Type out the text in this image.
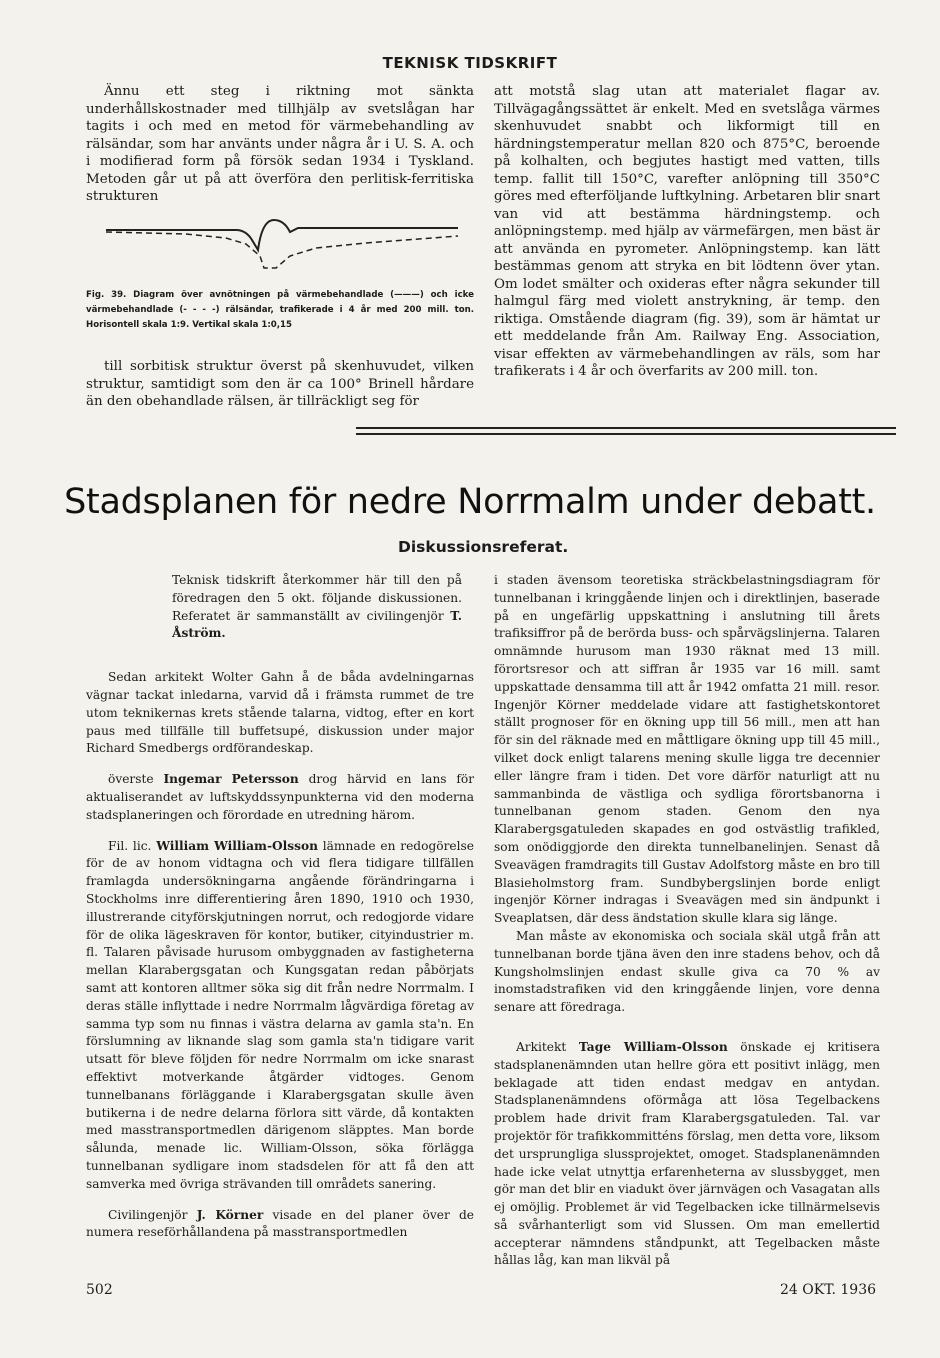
TEKNISK TIDSKRIFT

Ännu ett steg i riktning mot sänkta underhållskostnader med tillhjälp av svetslågan har tagits i och med en metod för värmebehandling av rälsändar, som har använts under några år i U. S. A. och i modifierad form på försök sedan 1934 i Tyskland. Metoden går ut på att överföra den perlitisk-ferritiska strukturen

Fig. 39. Diagram över avnötningen på värmebehandlade (———) och icke värmebehandlade (- - - -) rälsändar, trafikerade i 4 år med 200 mill. ton. Horisontell skala 1:9. Vertikal skala 1:0,15

till sorbitisk struktur överst på skenhuvudet, vilken struktur, samtidigt som den är ca 100° Brinell hårdare än den obehandlade rälsen, är tillräckligt seg för

att motstå slag utan att materialet flagar av. Tillvägagångssättet är enkelt. Med en svetslåga värmes skenhuvudet snabbt och likformigt till en härdningstemperatur mellan 820 och 875°C, beroende på kolhalten, och begjutes hastigt med vatten, tills temp. fallit till 150°C, varefter anlöpning till 350°C göres med efterföljande luftkylning. Arbetaren blir snart van vid att bestämma härdningstemp. och anlöpningstemp. med hjälp av värmefärgen, men bäst är att använda en pyrometer. Anlöpningstemp. kan lätt bestämmas genom att stryka en bit lödtenn över ytan. Om lodet smälter och oxideras efter några sekunder till halmgul färg med violett anstrykning, är temp. den riktiga. Omstående diagram (fig. 39), som är hämtat ur ett meddelande från Am. Railway Eng. Association, visar effekten av värmebehandlingen av räls, som har trafikerats i 4 år och överfarits av 200 mill. ton.

Stadsplanen för nedre Norrmalm under debatt.
Diskussionsreferat.

Teknisk tidskrift återkommer här till den på föredragen den 5 okt. följande diskussionen. Referatet är sammanställt av civilingenjör T. Åström.

Sedan arkitekt Wolter Gahn å de båda avdelningarnas vägnar tackat inledarna, varvid då i främsta rummet de tre utom teknikernas krets stående talarna, vidtog, efter en kort paus med tillfälle till buffetsupé, diskussion under major Richard Smedbergs ordförandeskap.

överste Ingemar Petersson drog härvid en lans för aktualiserandet av luftskyddssynpunkterna vid den moderna stadsplaneringen och förordade en utredning härom.

Fil. lic. William William-Olsson lämnade en redogörelse för de av honom vidtagna och vid flera tidigare tillfällen framlagda undersökningarna angående förändringarna i Stockholms inre differentiering åren 1890, 1910 och 1930, illustrerande cityförskjutningen norrut, och redogjorde vidare för de olika lägeskraven för kontor, butiker, cityindustrier m. fl. Talaren påvisade hurusom ombyggnaden av fastigheterna mellan Klarabergsgatan och Kungsgatan redan påbörjats samt att kontoren alltmer söka sig dit från nedre Norrmalm. I deras ställe inflyttade i nedre Norrmalm lågvärdiga företag av samma typ som nu finnas i västra delarna av gamla sta'n. En förslumning av liknande slag som gamla sta'n tidigare varit utsatt för bleve följden för nedre Norrmalm om icke snarast effektivt motverkande åtgärder vidtoges. Genom tunnelbanans förläggande i Klarabergsgatan skulle även butikerna i de nedre delarna förlora sitt värde, då kontakten med masstransportmedlen därigenom släpptes. Man borde sålunda, menade lic. William-Olsson, söka förlägga tunnelbanan sydligare inom stadsdelen för att få den att samverka med övriga strävanden till områdets sanering.

Civilingenjör J. Körner visade en del planer över de numera reseförhållandena på masstransportmedlen

i staden ävensom teoretiska sträckbelastningsdiagram för tunnelbanan i kringgående linjen och i direktlinjen, baserade på en ungefärlig uppskattning i anslutning till årets trafiksiffror på de berörda buss- och spårvägslinjerna. Talaren omnämnde hurusom man 1930 räknat med 13 mill. förortsresor och att siffran år 1935 var 16 mill. samt uppskattade densamma till att år 1942 omfatta 21 mill. resor. Ingenjör Körner meddelade vidare att fastighetskontoret ställt prognoser för en ökning upp till 56 mill., men att han för sin del räknade med en måttligare ökning upp till 45 mill., vilket dock enligt talarens mening skulle ligga tre decennier eller längre fram i tiden. Det vore därför naturligt att nu sammanbinda de västliga och sydliga förortsbanorna i tunnelbanan genom staden. Genom den nya Klarabergsgatuleden skapades en god ostvästlig trafikled, som onödiggjorde den direkta tunnelbanelinjen. Senast då Sveavägen framdragits till Gustav Adolfstorg måste en bro till Blasieholmstorg fram. Sundbybergslinjen borde enligt ingenjör Körner indragas i Sveavägen med sin ändpunkt i Sveaplatsen, där dess ändstation skulle klara sig länge.

Man måste av ekonomiska och sociala skäl utgå från att tunnelbanan borde tjäna även den inre stadens behov, och då Kungsholmslinjen endast skulle giva ca 70 % av inomstadstrafiken vid den kringgående linjen, vore denna senare att föredraga.

Arkitekt Tage William-Olsson önskade ej kritisera stadsplanenämnden utan hellre göra ett positivt inlägg, men beklagade att tiden endast medgav en antydan. Stadsplanenämndens oförmåga att lösa Tegelbackens problem hade drivit fram Klarabergsgatuleden. Tal. var projektör för trafikkommitténs förslag, men detta vore, liksom det ursprungliga slussprojektet, omoget. Stadsplanenämnden hade icke velat utnyttja erfarenheterna av slussbygget, men gör man det blir en viadukt över järnvägen och Vasagatan alls ej omöjlig. Problemet är vid Tegelbacken icke tillnärmelsevis så svårhanterligt som vid Slussen. Om man emellertid accepterar nämndens ståndpunkt, att Tegelbacken måste hållas låg, kan man likväl på

502	24 OKT. 1936
